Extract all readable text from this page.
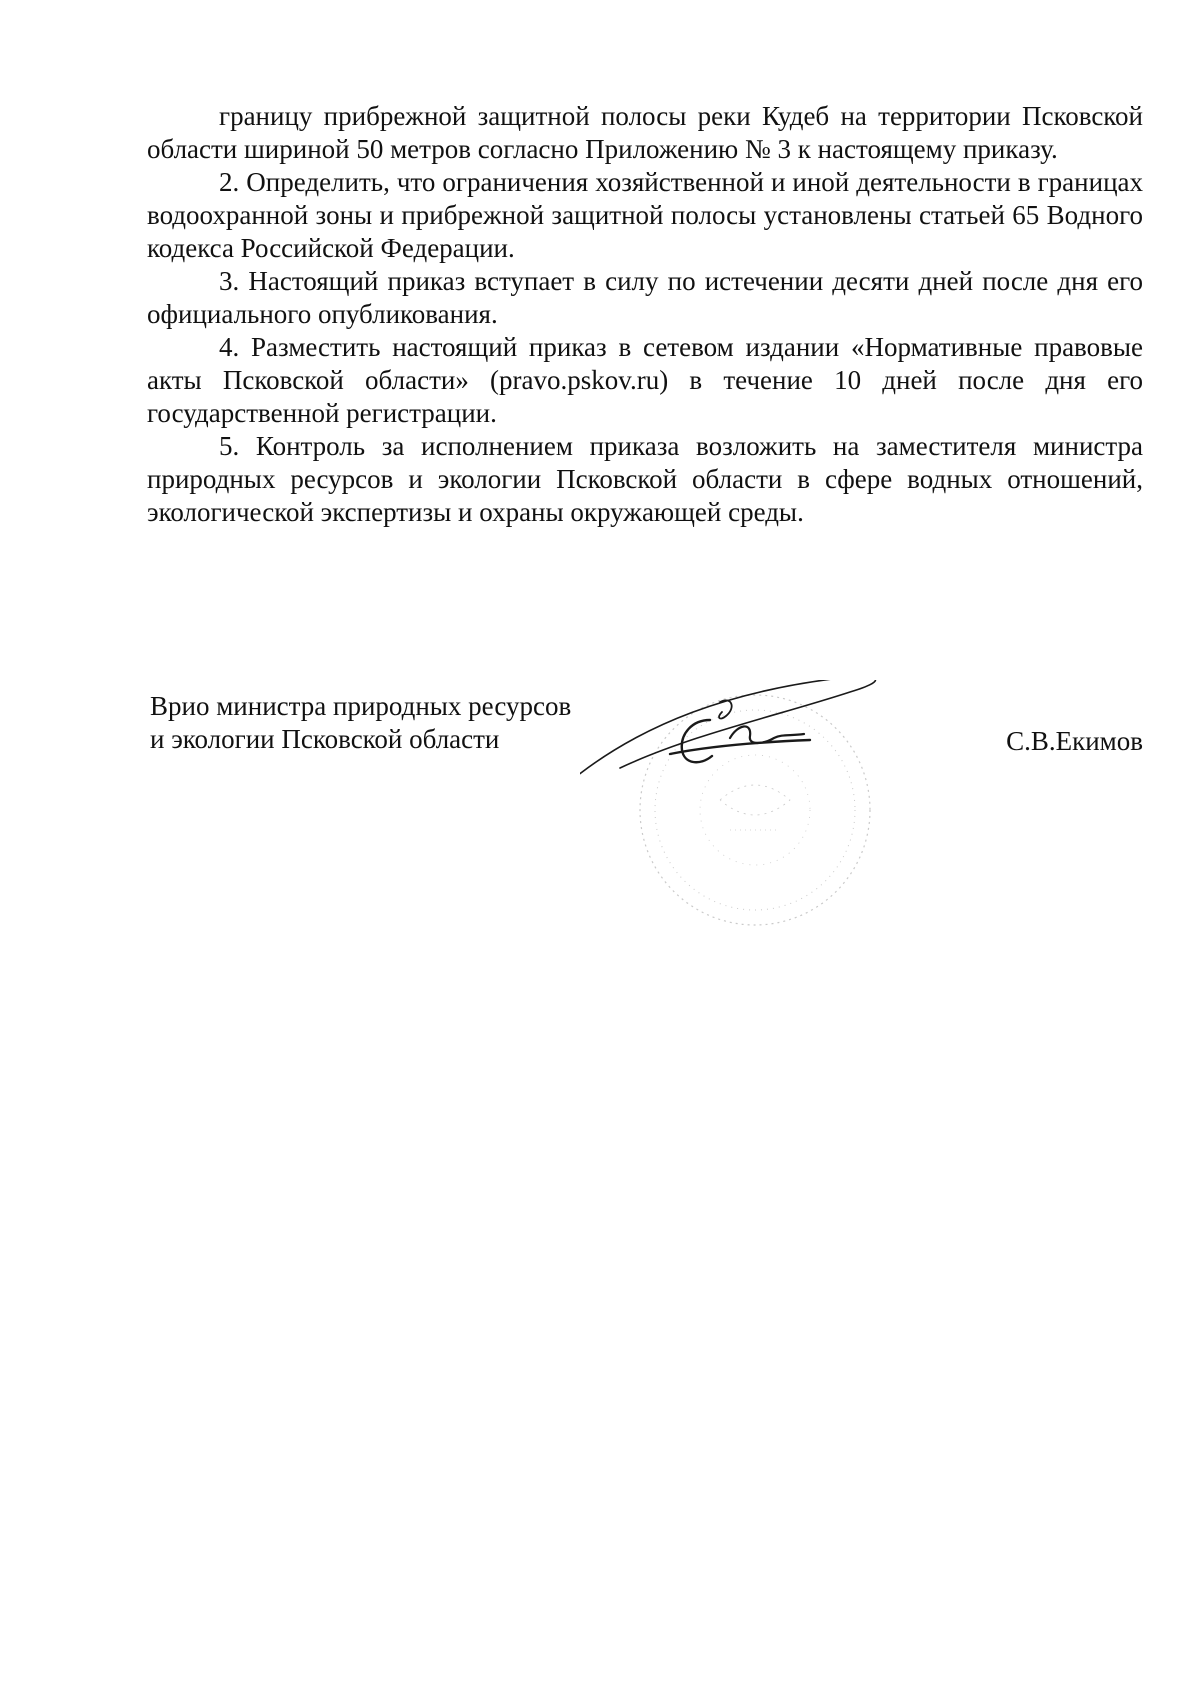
границу прибрежной защитной полосы реки Кудеб на территории Псковской области шириной 50 метров согласно Приложению № 3 к настоящему приказу.

2. Определить, что ограничения хозяйственной и иной деятельности в границах водоохранной зоны и прибрежной защитной полосы установлены статьей 65 Водного кодекса Российской Федерации.

3. Настоящий приказ вступает в силу по истечении десяти дней после дня его официального опубликования.

4. Разместить настоящий приказ в сетевом издании «Нормативные правовые акты Псковской области» (pravo.pskov.ru) в течение 10 дней после дня его государственной регистрации.

5. Контроль за исполнением приказа возложить на заместителя министра природных ресурсов и экологии Псковской области в сфере водных отношений, экологической экспертизы и охраны окружающей среды.

Врио министра природных ресурсов
и экологии Псковской области	С.В.Екимов
